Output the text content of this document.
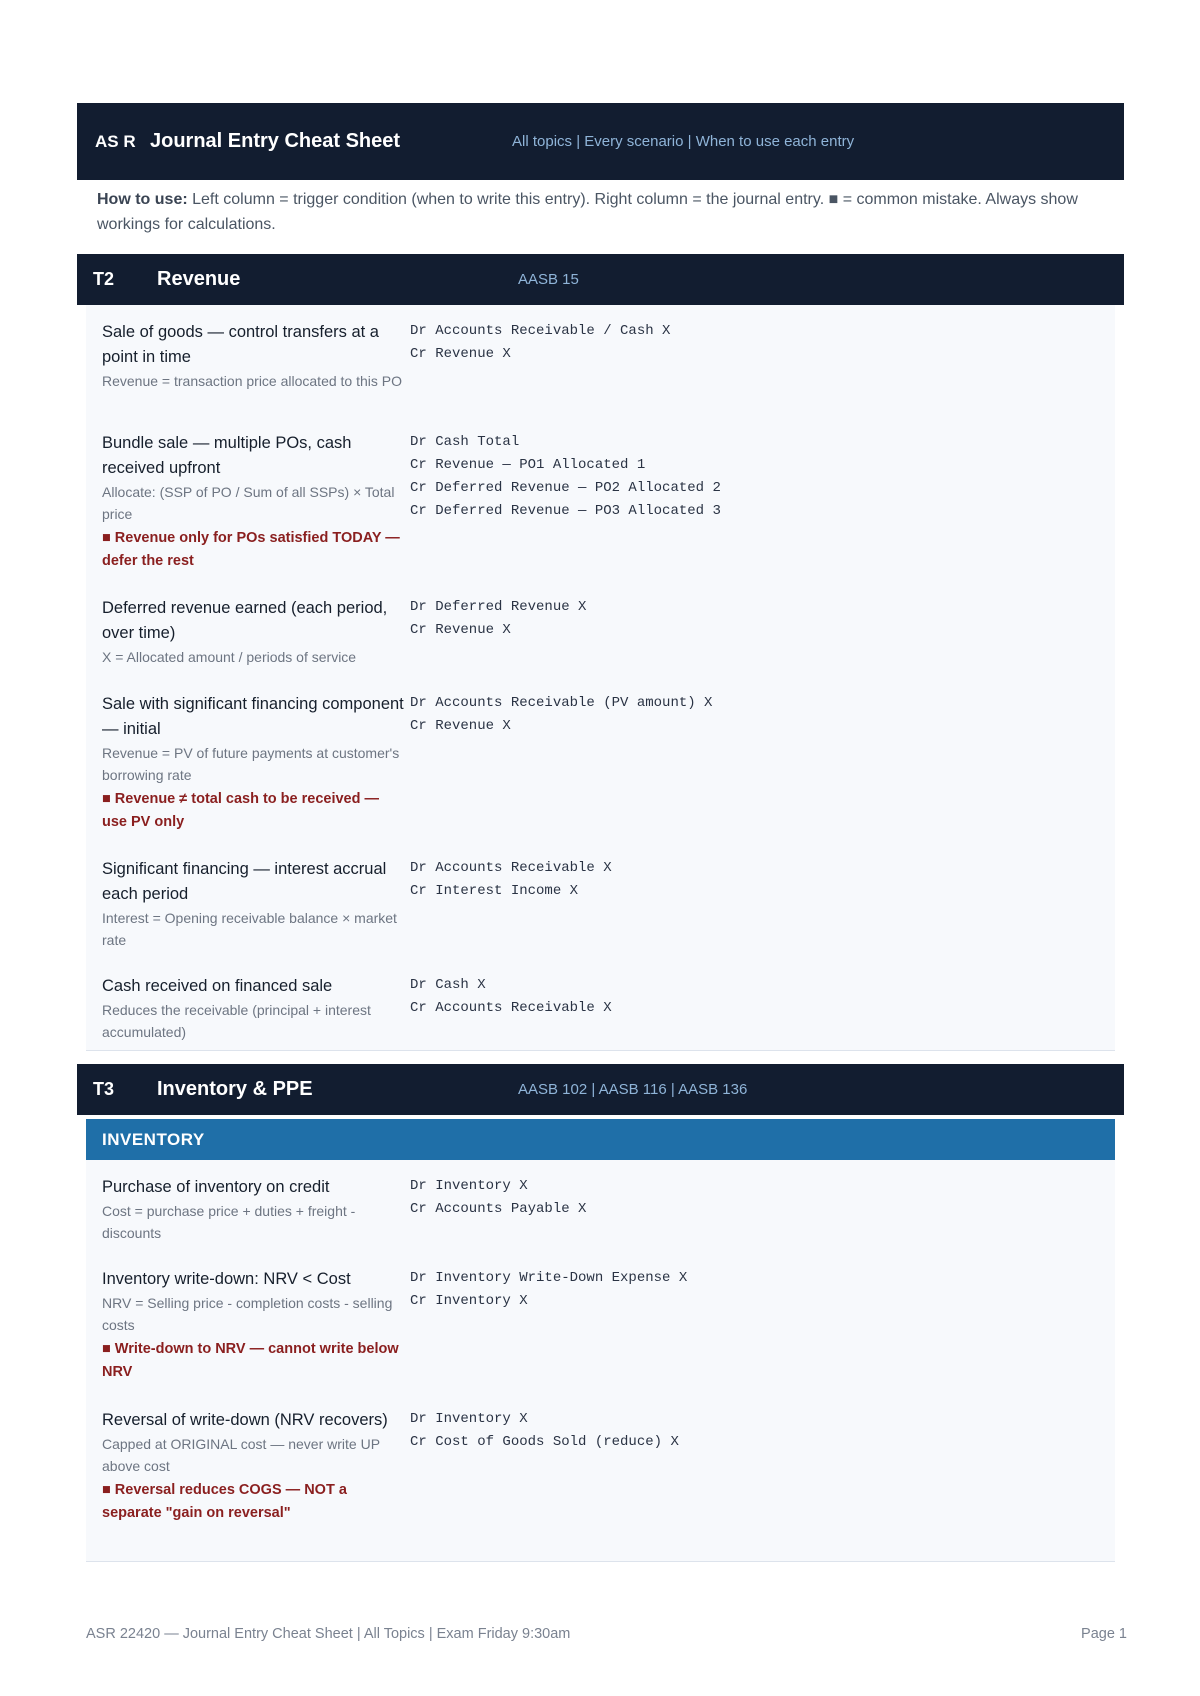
AS R Journal Entry Cheat Sheet	All topics | Every scenario | When to use each entry
How to use: Left column = trigger condition (when to write this entry). Right column = the journal entry. ■ = common mistake. Always show workings for calculations.
T2	Revenue	AASB 15
Sale of goods — control transfers at a point in time
Revenue = transaction price allocated to this PO
Dr Accounts Receivable / Cash X
Cr Revenue X
Bundle sale — multiple POs, cash received upfront
Allocate: (SSP of PO / Sum of all SSPs) × Total price
■ Revenue only for POs satisfied TODAY — defer the rest
Dr Cash Total
Cr Revenue — PO1 Allocated 1
Cr Deferred Revenue — PO2 Allocated 2
Cr Deferred Revenue — PO3 Allocated 3
Deferred revenue earned (each period, over time)
X = Allocated amount / periods of service
Dr Deferred Revenue X
Cr Revenue X
Sale with significant financing component — initial
Revenue = PV of future payments at customer's borrowing rate
■ Revenue ≠ total cash to be received — use PV only
Dr Accounts Receivable (PV amount) X
Cr Revenue X
Significant financing — interest accrual each period
Interest = Opening receivable balance × market rate
Dr Accounts Receivable X
Cr Interest Income X
Cash received on financed sale
Reduces the receivable (principal + interest accumulated)
Dr Cash X
Cr Accounts Receivable X
T3	Inventory & PPE	AASB 102 | AASB 116 | AASB 136
INVENTORY
Purchase of inventory on credit
Cost = purchase price + duties + freight - discounts
Dr Inventory X
Cr Accounts Payable X
Inventory write-down: NRV < Cost
NRV = Selling price - completion costs - selling costs
■ Write-down to NRV — cannot write below NRV
Dr Inventory Write-Down Expense X
Cr Inventory X
Reversal of write-down (NRV recovers)
Capped at ORIGINAL cost — never write UP above cost
■ Reversal reduces COGS — NOT a separate "gain on reversal"
Dr Inventory X
Cr Cost of Goods Sold (reduce) X
ASR 22420 — Journal Entry Cheat Sheet | All Topics | Exam Friday 9:30am	Page 1
